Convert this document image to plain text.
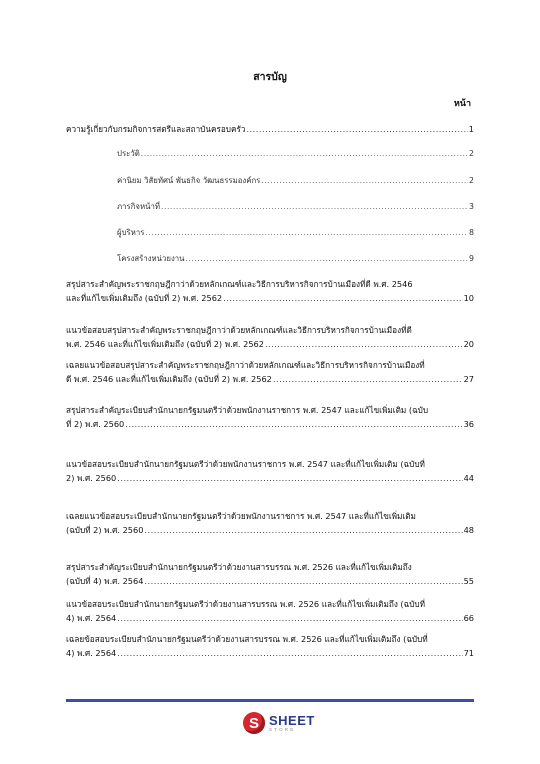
สารบัญ
หน้า
ความรู้เกี่ยวกับกรมกิจการสตรีและสถาบันครอบครัว .....	1
ประวัติ .....	2
ค่านิยม วิสัยทัศน์ พันธกิจ วัฒนธรรมองค์กร .....	2
ภารกิจหน้าที่ .....	3
ผู้บริหาร .....	8
โครงสร้างหน่วยงาน .....	9
สรุปสาระสำคัญพระราชกฤษฎีกาว่าด้วยหลักเกณฑ์และวิธีการบริหารกิจการบ้านเมืองที่ดี พ.ศ. 2546
และที่แก้ไขเพิ่มเติมถึง (ฉบับที่ 2) พ.ศ. 2562 .....	10
แนวข้อสอบสรุปสาระสำคัญพระราชกฤษฎีกาว่าด้วยหลักเกณฑ์และวิธีการบริหารกิจการบ้านเมืองที่ดี
พ.ศ. 2546 และที่แก้ไขเพิ่มเติมถึง (ฉบับที่ 2) พ.ศ. 2562 .....	20
เฉลยแนวข้อสอบสรุปสาระสำคัญพระราชกฤษฎีกาว่าด้วยหลักเกณฑ์และวิธีการบริหารกิจการบ้านเมืองที่
ดี พ.ศ. 2546 และที่แก้ไขเพิ่มเติมถึง (ฉบับที่ 2) พ.ศ. 2562 .....	27
สรุปสาระสำคัญระเบียบสำนักนายกรัฐมนตรีว่าด้วยพนักงานราชการ พ.ศ. 2547 และแก้ไขเพิ่มเติม (ฉบับ
ที่ 2) พ.ศ. 2560 .....	36
แนวข้อสอบระเบียบสำนักนายกรัฐมนตรีว่าด้วยพนักงานราชการ พ.ศ. 2547 และที่แก้ไขเพิ่มเติม (ฉบับที่
2) พ.ศ. 2560 .....	44
เฉลยแนวข้อสอบระเบียบสำนักนายกรัฐมนตรีว่าด้วยพนักงานราชการ พ.ศ. 2547 และที่แก้ไขเพิ่มเติม
(ฉบับที่ 2) พ.ศ. 2560 .....	48
สรุปสาระสำคัญระเบียบสำนักนายกรัฐมนตรีว่าด้วยงานสารบรรณ พ.ศ. 2526 และที่แก้ไขเพิ่มเติมถึง
(ฉบับที่ 4) พ.ศ. 2564 .....	55
แนวข้อสอบระเบียบสำนักนายกรัฐมนตรีว่าด้วยงานสารบรรณ พ.ศ. 2526 และที่แก้ไขเพิ่มเติมถึง (ฉบับที่
4) พ.ศ. 2564 .....	66
เฉลยข้อสอบระเบียบสำนักนายกรัฐมนตรีว่าด้วยงานสารบรรณ พ.ศ. 2526 และที่แก้ไขเพิ่มเติมถึง (ฉบับที่
4) พ.ศ. 2564 .....	71
S SHEET
STORE
